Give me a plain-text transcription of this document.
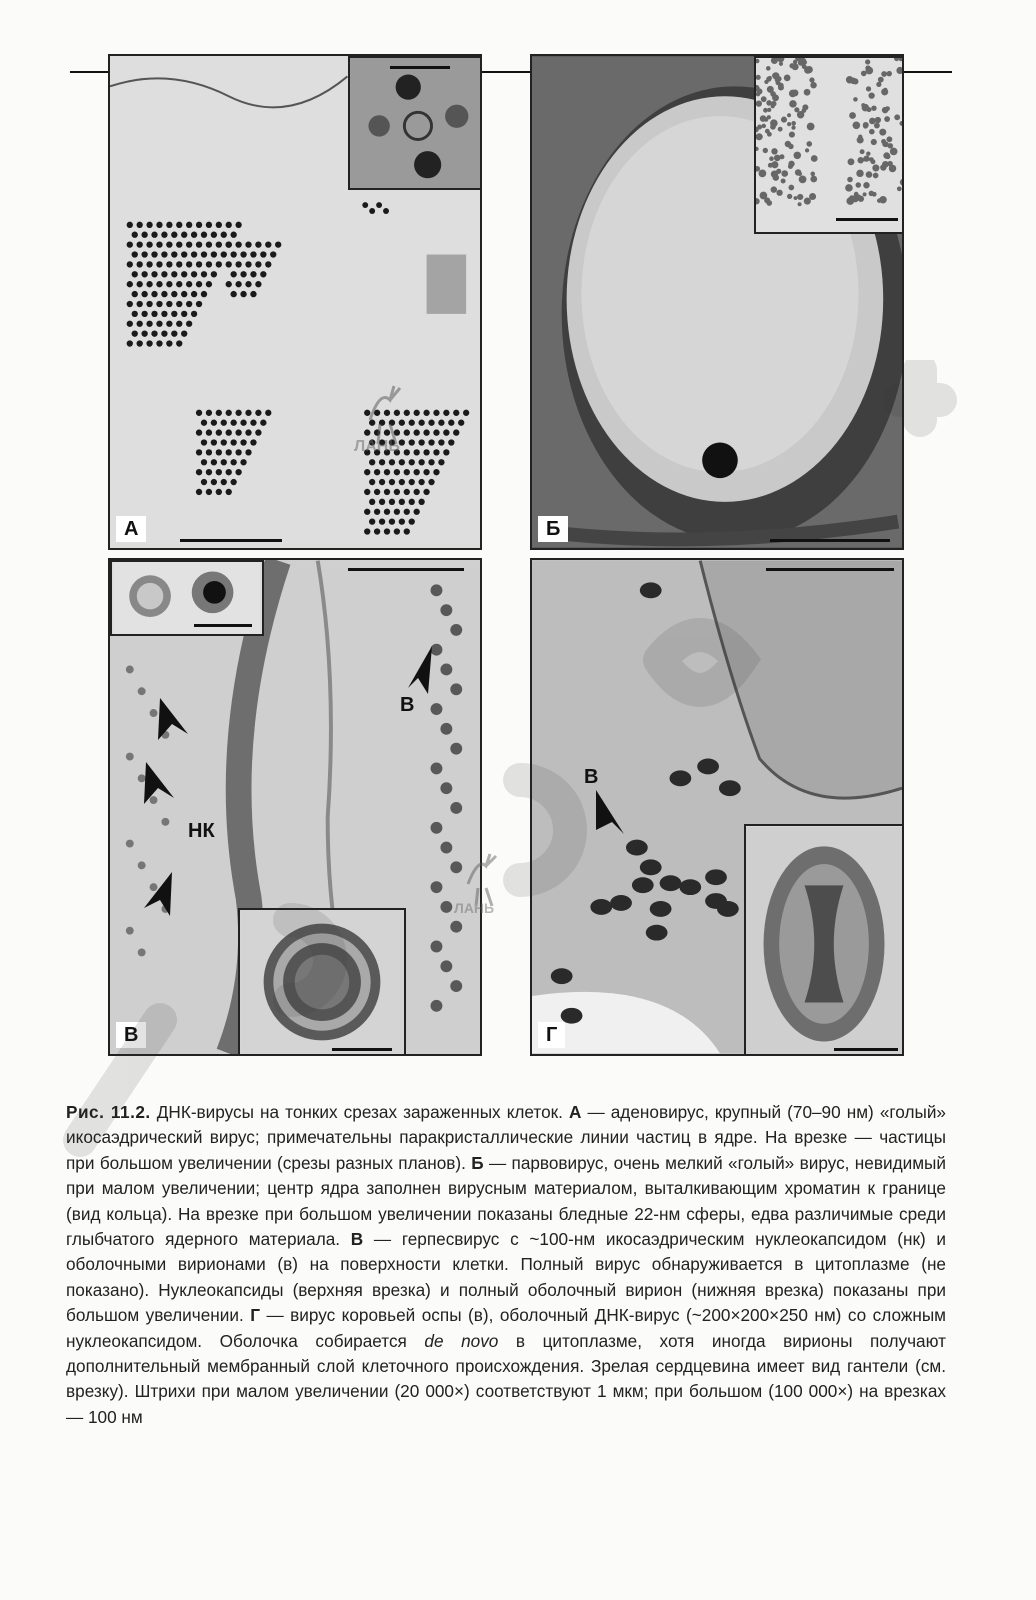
А	Б
НК
В
В
В
Г
ЛАНЬ
ЛАНЬ
Рис. 11.2. ДНК-вирусы на тонких срезах зараженных клеток. А — аденовирус, крупный (70–90 нм) «голый» икосаэдрический вирус; примечательны паракристаллические линии частиц в ядре. На врезке — частицы при большом увеличении (срезы разных планов). Б — парвовирус, очень мелкий «голый» вирус, невидимый при малом увеличении; центр ядра заполнен вирусным материалом, выталкивающим хроматин к границе (вид кольца). На врезке при большом увеличении показаны бледные 22-нм сферы, едва различимые среди глыбчатого ядерного материала. В — герпесвирус с ~100-нм икосаэдрическим нуклеокапсидом (нк) и оболочными вирионами (в) на поверхности клетки. Полный вирус обнаруживается в цитоплазме (не показано). Нуклеокапсиды (верхняя врезка) и полный оболочный вирион (нижняя врезка) показаны при большом увеличении. Г — вирус коровьей оспы (в), оболочный ДНК-вирус (~200×200×250 нм) со сложным нуклеокапсидом. Оболочка собирается de novo в цитоплазме, хотя иногда вирионы получают дополнительный мембранный слой клеточного происхождения. Зрелая сердцевина имеет вид гантели (см. врезку). Штрихи при малом увеличении (20 000×) соответствуют 1 мкм; при большом (100 000×) на врезках — 100 нм
